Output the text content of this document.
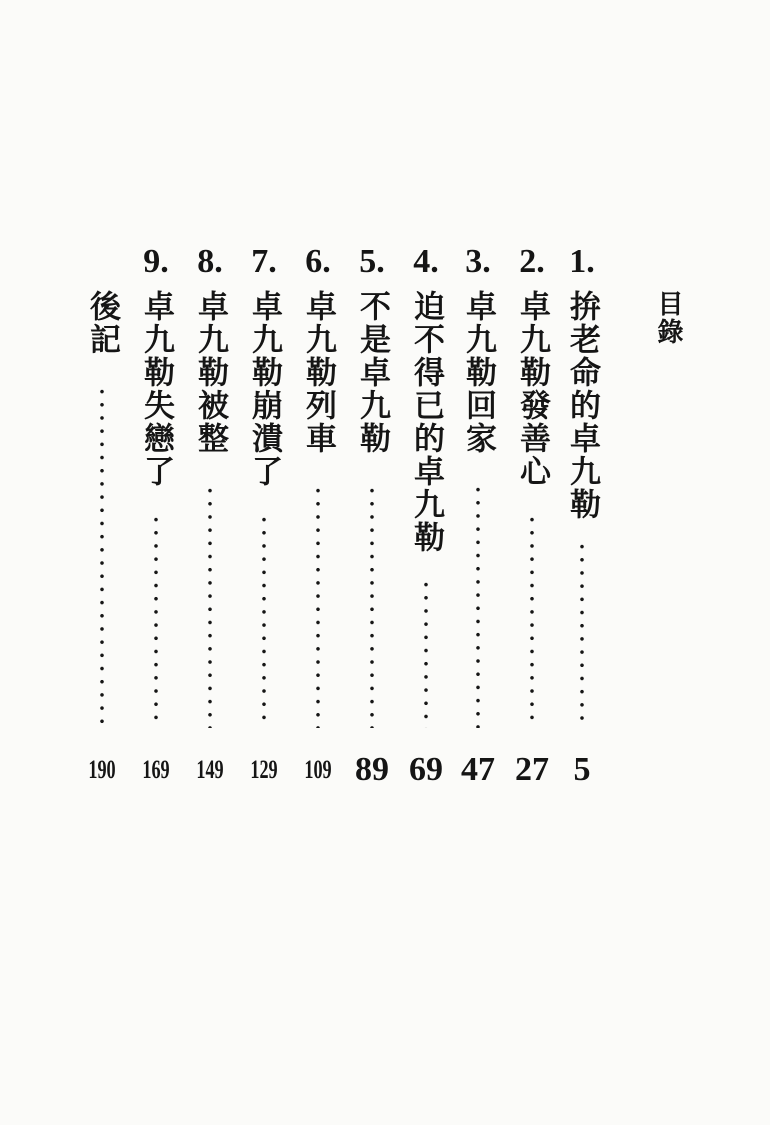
目錄
1.
拚老命的卓九勒
5
2.
卓九勒發善心
27
3.
卓九勒回家
47
4.
迫不得已的卓九勒
69
5.
不是卓九勒
89
6.
卓九勒列車
109
7.
卓九勒崩潰了
129
8.
卓九勒被整
149
9.
卓九勒失戀了
169
後記
190
